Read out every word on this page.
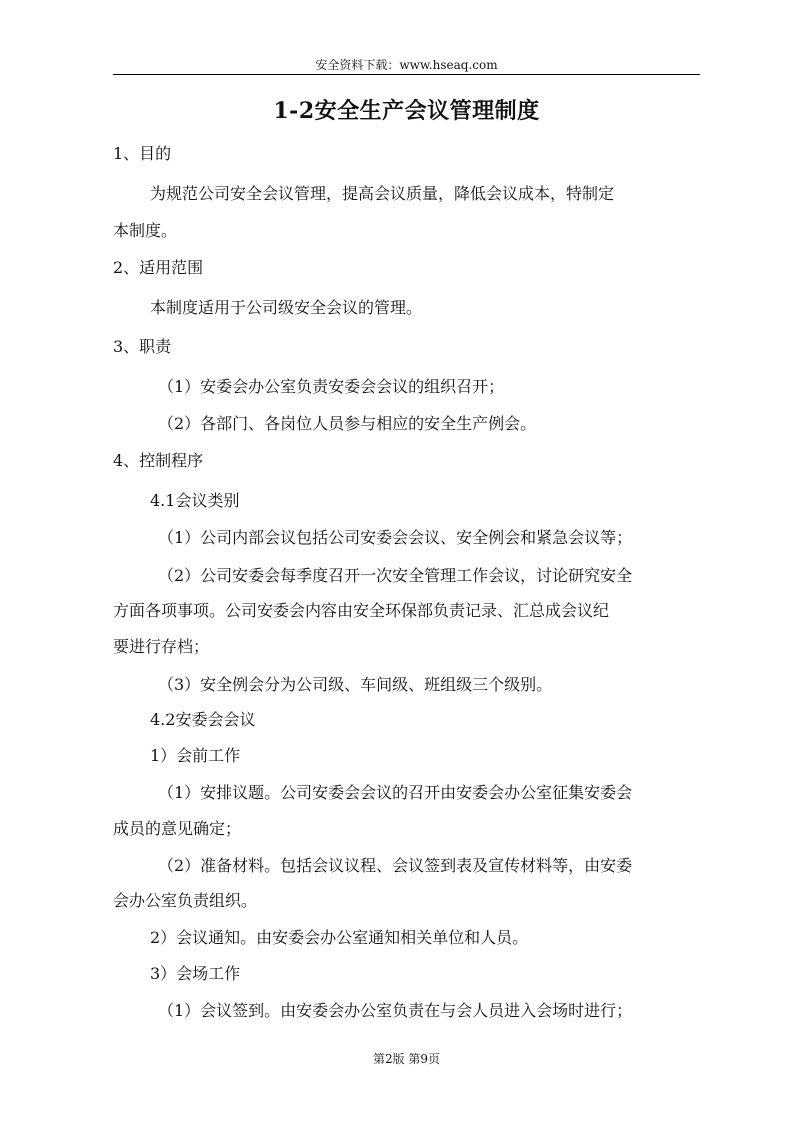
安全资料下载：www.hseaq.com
1-2安全生产会议管理制度
1、目的
为规范公司安全会议管理，提高会议质量，降低会议成本，特制定
本制度。
2、适用范围
本制度适用于公司级安全会议的管理。
3、职责
（1）安委会办公室负责安委会会议的组织召开；
（2）各部门、各岗位人员参与相应的安全生产例会。
4、控制程序
4.1会议类别
（1）公司内部会议包括公司安委会会议、安全例会和紧急会议等；
（2）公司安委会每季度召开一次安全管理工作会议，讨论研究安全
方面各项事项。公司安委会内容由安全环保部负责记录、汇总成会议纪
要进行存档；
（3）安全例会分为公司级、车间级、班组级三个级别。
4.2安委会会议
1）会前工作
（1）安排议题。公司安委会会议的召开由安委会办公室征集安委会
成员的意见确定；
（2）准备材料。包括会议议程、会议签到表及宣传材料等，由安委
会办公室负责组织。
2）会议通知。由安委会办公室通知相关单位和人员。
3）会场工作
（1）会议签到。由安委会办公室负责在与会人员进入会场时进行；
第2版 第9页
